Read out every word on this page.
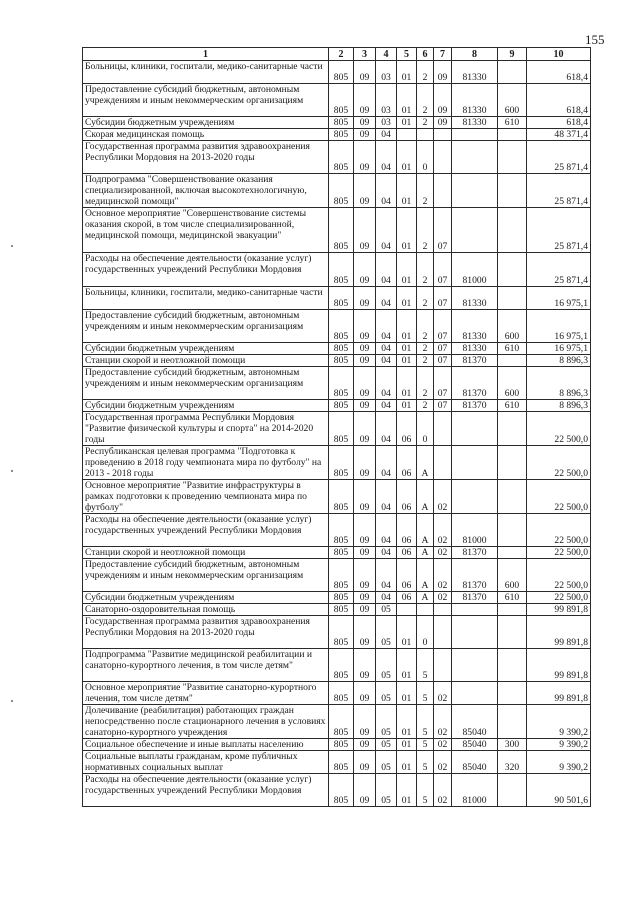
155
1	2	3	4	5	6	7	8	9	10
Больницы, клиники, госпитали, медико-санитарные части	805	09	03	01	2	09	81330		618,4
Предоставление субсидий бюджетным, автономным учреждениям и иным некоммерческим организациям	805	09	03	01	2	09	81330	600	618,4
Субсидии бюджетным учреждениям	805	09	03	01	2	09	81330	610	618,4
Скорая медицинская помощь	805	09	04						48 371,4
Государственная программа развития здравоохранения Республики Мордовия на 2013-2020 годы	805	09	04	01	0				25 871,4
Подпрограмма "Совершенствование оказания специализированной, включая высокотехнологичную, медицинской помощи"	805	09	04	01	2				25 871,4
Основное мероприятие "Совершенствование системы оказания скорой, в том числе специализированной, медицинской помощи, медицинской эвакуации"	805	09	04	01	2	07			25 871,4
Расходы на обеспечение деятельности (оказание услуг) государственных учреждений Республики Мордовия	805	09	04	01	2	07	81000		25 871,4
Больницы, клиники, госпитали, медико-санитарные части	805	09	04	01	2	07	81330		16 975,1
Предоставление субсидий бюджетным, автономным учреждениям и иным некоммерческим организациям	805	09	04	01	2	07	81330	600	16 975,1
Субсидии бюджетным учреждениям	805	09	04	01	2	07	81330	610	16 975,1
Станции скорой и неотложной помощи	805	09	04	01	2	07	81370		8 896,3
Предоставление субсидий бюджетным, автономным учреждениям и иным некоммерческим организациям	805	09	04	01	2	07	81370	600	8 896,3
Субсидии бюджетным учреждениям	805	09	04	01	2	07	81370	610	8 896,3
Государственная программа Республики Мордовия "Развитие физической культуры и спорта" на 2014-2020 годы	805	09	04	06	0				22 500,0
Республиканская целевая программа "Подготовка к проведению в 2018 году чемпионата мира по футболу" на 2013 - 2018 годы	805	09	04	06	А				22 500,0
Основное мероприятие "Развитие инфраструктуры в рамках подготовки к проведению чемпионата мира по футболу"	805	09	04	06	А	02			22 500,0
Расходы на обеспечение деятельности (оказание услуг) государственных учреждений Республики Мордовия	805	09	04	06	А	02	81000		22 500,0
Станции скорой и неотложной помощи	805	09	04	06	А	02	81370		22 500,0
Предоставление субсидий бюджетным, автономным учреждениям и иным некоммерческим организациям	805	09	04	06	А	02	81370	600	22 500,0
Субсидии бюджетным учреждениям	805	09	04	06	А	02	81370	610	22 500,0
Санаторно-оздоровительная помощь	805	09	05						99 891,8
Государственная программа развития здравоохранения Республики Мордовия на 2013-2020 годы	805	09	05	01	0				99 891,8
Подпрограмма "Развитие медицинской реабилитации и санаторно-курортного лечения, в том числе детям"	805	09	05	01	5				99 891,8
Основное мероприятие "Развитие санаторно-курортного лечения, том числе детям"	805	09	05	01	5	02			99 891,8
Долечивание (реабилитация) работающих граждан непосредственно после стационарного лечения в условиях санаторно-курортного учреждения	805	09	05	01	5	02	85040		9 390,2
Социальное обеспечение и иные выплаты населению	805	09	05	01	5	02	85040	300	9 390,2
Социальные выплаты гражданам, кроме публичных нормативных социальных выплат	805	09	05	01	5	02	85040	320	9 390,2
Расходы на обеспечение деятельности (оказание услуг) государственных учреждений Республики Мордовия	805	09	05	01	5	02	81000		90 501,6
